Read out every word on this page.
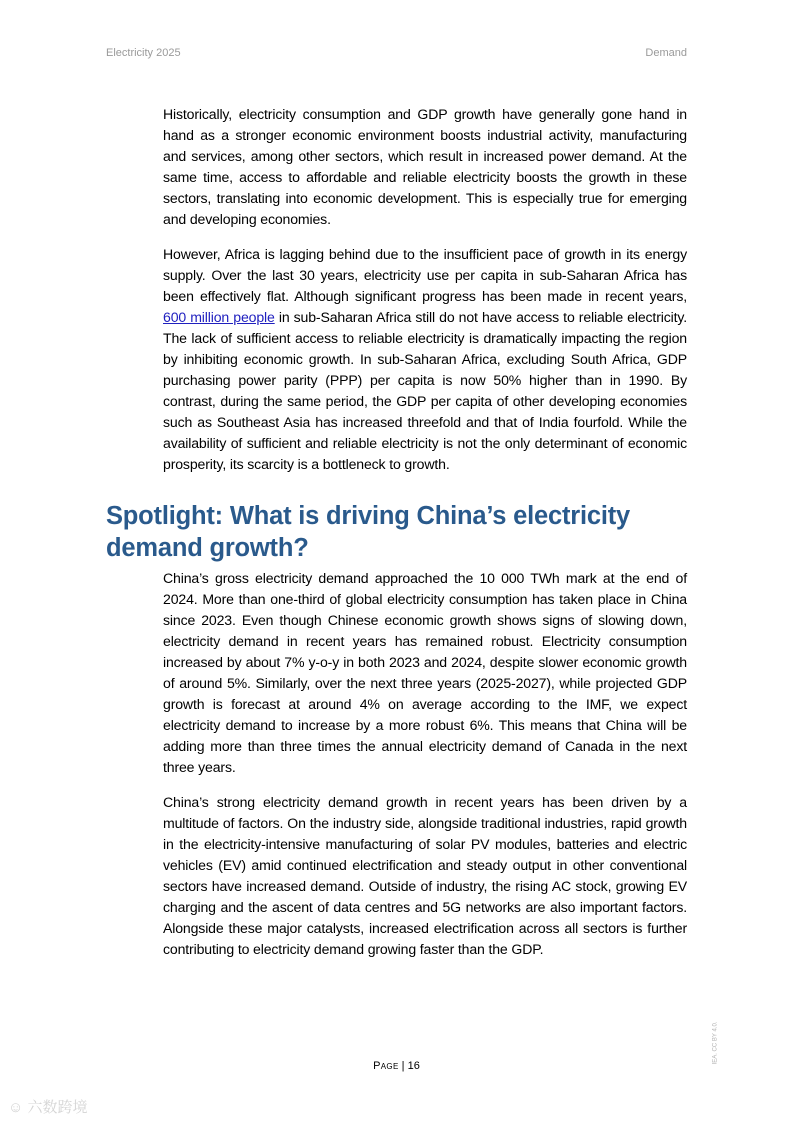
Electricity 2025	Demand

Historically, electricity consumption and GDP growth have generally gone hand in hand as a stronger economic environment boosts industrial activity, manufacturing and services, among other sectors, which result in increased power demand. At the same time, access to affordable and reliable electricity boosts the growth in these sectors, translating into economic development. This is especially true for emerging and developing economies.

However, Africa is lagging behind due to the insufficient pace of growth in its energy supply. Over the last 30 years, electricity use per capita in sub-Saharan Africa has been effectively flat. Although significant progress has been made in recent years, 600 million people in sub-Saharan Africa still do not have access to reliable electricity. The lack of sufficient access to reliable electricity is dramatically impacting the region by inhibiting economic growth. In sub-Saharan Africa, excluding South Africa, GDP purchasing power parity (PPP) per capita is now 50% higher than in 1990. By contrast, during the same period, the GDP per capita of other developing economies such as Southeast Asia has increased threefold and that of India fourfold. While the availability of sufficient and reliable electricity is not the only determinant of economic prosperity, its scarcity is a bottleneck to growth.

Spotlight: What is driving China’s electricity demand growth?

China’s gross electricity demand approached the 10 000 TWh mark at the end of 2024. More than one-third of global electricity consumption has taken place in China since 2023. Even though Chinese economic growth shows signs of slowing down, electricity demand in recent years has remained robust. Electricity consumption increased by about 7% y-o-y in both 2023 and 2024, despite slower economic growth of around 5%. Similarly, over the next three years (2025-2027), while projected GDP growth is forecast at around 4% on average according to the IMF, we expect electricity demand to increase by a more robust 6%. This means that China will be adding more than three times the annual electricity demand of Canada in the next three years.

China’s strong electricity demand growth in recent years has been driven by a multitude of factors. On the industry side, alongside traditional industries, rapid growth in the electricity-intensive manufacturing of solar PV modules, batteries and electric vehicles (EV) amid continued electrification and steady output in other conventional sectors have increased demand. Outside of industry, the rising AC stock, growing EV charging and the ascent of data centres and 5G networks are also important factors. Alongside these major catalysts, increased electrification across all sectors is further contributing to electricity demand growing faster than the GDP.

Page | 16
IEA. CC BY 4.0.
☺ 六数跨境
